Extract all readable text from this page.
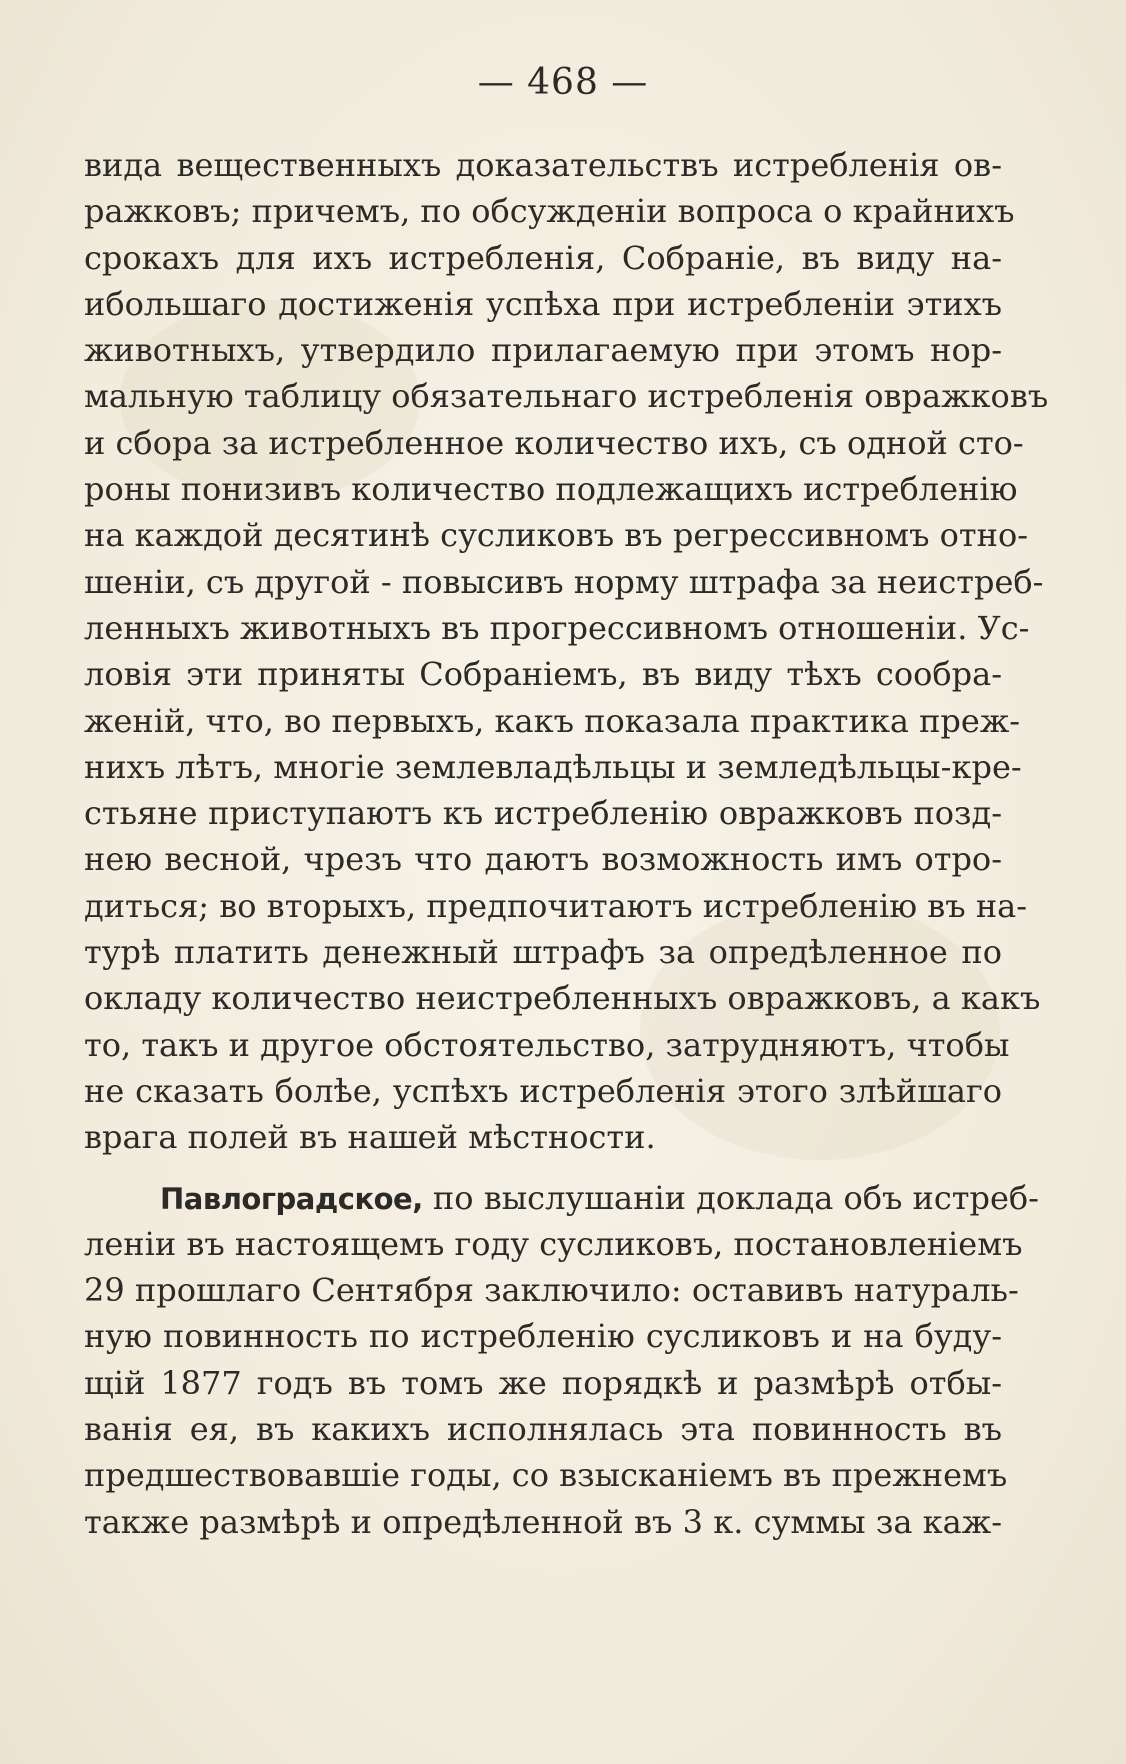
— 468 —
вида вещественныхъ доказательствъ истребленія ов-
ражковъ; причемъ, по обсужденіи вопроса о крайнихъ
срокахъ для ихъ истребленія, Собраніе, въ виду на-
ибольшаго достиженія успѣха при истребленіи этихъ
животныхъ, утвердило прилагаемую при этомъ нор-
мальную таблицу обязательнаго истребленія овражковъ
и сбора за истребленное количество ихъ, съ одной сто-
роны понизивъ количество подлежащихъ истребленію
на каждой десятинѣ сусликовъ въ регрессивномъ отно-
шеніи, съ другой - повысивъ норму штрафа за неистреб-
ленныхъ животныхъ въ прогрессивномъ отношеніи. Ус-
ловія эти приняты Собраніемъ, въ виду тѣхъ сообра-
женій, что, во первыхъ, какъ показала практика преж-
нихъ лѣтъ, многіе землевладѣльцы и земледѣльцы-кре-
стьяне приступаютъ къ истребленію овражковъ позд-
нею весной, чрезъ что даютъ возможность имъ отро-
диться; во вторыхъ, предпочитаютъ истребленію въ на-
турѣ платить денежный штрафъ за опредѣленное по
окладу количество неистребленныхъ овражковъ, а какъ
то, такъ и другое обстоятельство, затрудняютъ, чтобы
не сказать болѣе, успѣхъ истребленія этого злѣйшаго
врага полей въ нашей мѣстности.
Павлоградское, по выслушаніи доклада объ истреб-
леніи въ настоящемъ году сусликовъ, постановленіемъ
29 прошлаго Сентября заключило: оставивъ натураль-
ную повинность по истребленію сусликовъ и на буду-
щій 1877 годъ въ томъ же порядкѣ и размѣрѣ отбы-
ванія ея, въ какихъ исполнялась эта повинность въ
предшествовавшіе годы, со взысканіемъ въ прежнемъ
также размѣрѣ и опредѣленной въ 3 к. суммы за каж-
